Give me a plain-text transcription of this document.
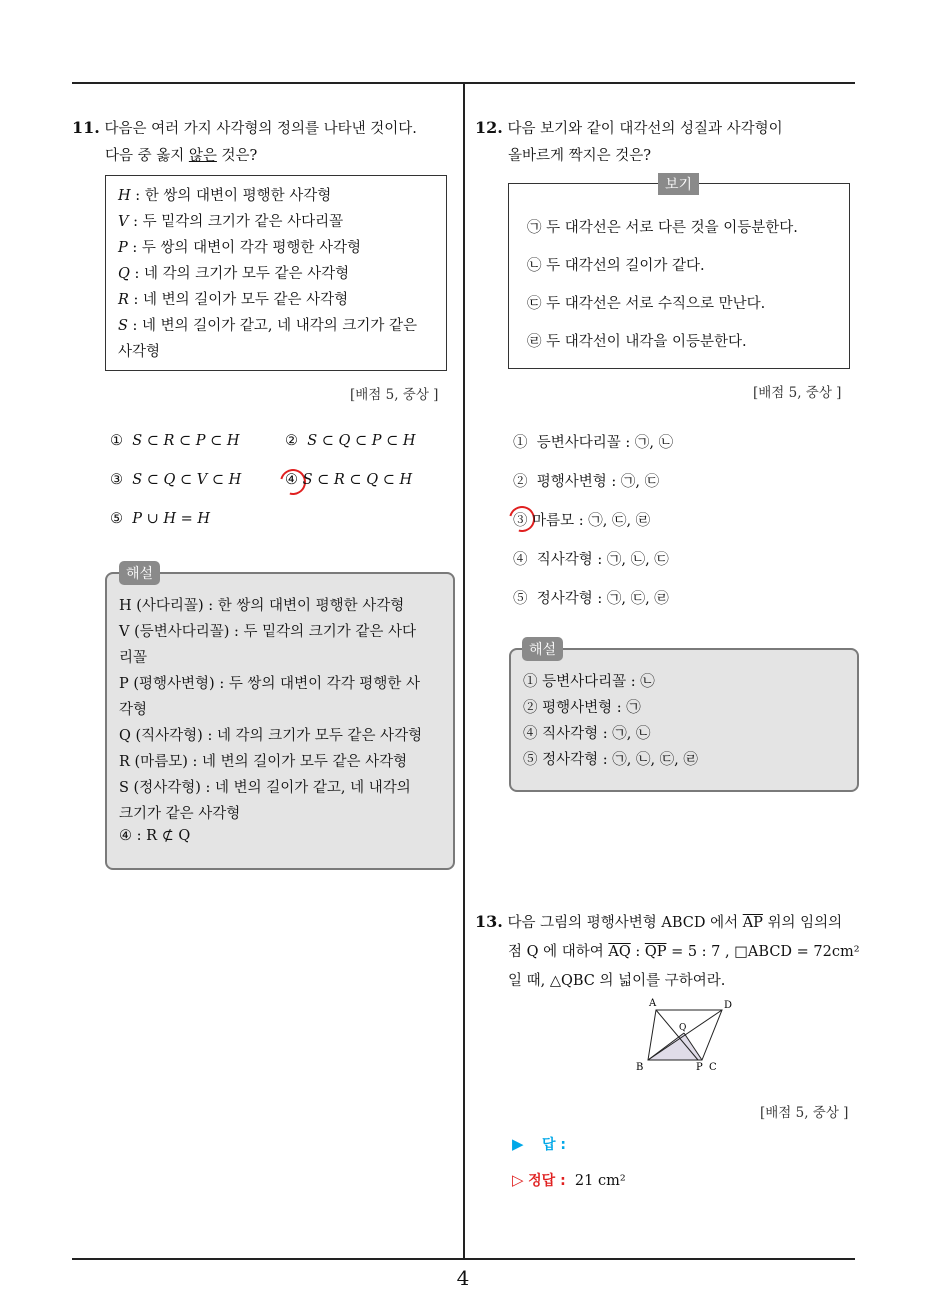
4
11. 다음은 여러 가지 사각형의 정의를 나타낸 것이다.
다음 중 옳지 않은 것은?
H : 한 쌍의 대변이 평행한 사각형
V : 두 밑각의 크기가 같은 사다리꼴
P : 두 쌍의 대변이 각각 평행한 사각형
Q : 네 각의 크기가 모두 같은 사각형
R : 네 변의 길이가 모두 같은 사각형
S : 네 변의 길이가 같고, 네 내각의 크기가 같은
사각형
[배점 5, 중상 ]
① S ⊂ R ⊂ P ⊂ H	② S ⊂ Q ⊂ P ⊂ H
③ S ⊂ Q ⊂ V ⊂ H	④ S ⊂ R ⊂ Q ⊂ H
⑤ P ∪ H = H
H (사다리꼴) : 한 쌍의 대변이 평행한 사각형
V (등변사다리꼴) : 두 밑각의 크기가 같은 사다
리꼴
P (평행사변형) : 두 쌍의 대변이 각각 평행한 사
각형
Q (직사각형) : 네 각의 크기가 모두 같은 사각형
R (마름모) : 네 변의 길이가 모두 같은 사각형
S (정사각형) : 네 변의 길이가 같고, 네 내각의
크기가 같은 사각형
④ : R ⊄ Q
해설
12. 다음 보기와 같이 대각선의 성질과 사각형이
올바르게 짝지은 것은?
㉠ 두 대각선은 서로 다른 것을 이등분한다.
㉡ 두 대각선의 길이가 같다.
㉢ 두 대각선은 서로 수직으로 만난다.
㉣ 두 대각선이 내각을 이등분한다.
보기
[배점 5, 중상 ]
① 등변사다리꼴 : ㉠, ㉡
② 평행사변형 : ㉠, ㉢
③ 마름모 : ㉠, ㉢, ㉣
④ 직사각형 : ㉠, ㉡, ㉢
⑤ 정사각형 : ㉠, ㉢, ㉣
① 등변사다리꼴 : ㉡
② 평행사변형 : ㉠
④ 직사각형 : ㉠, ㉡
⑤ 정사각형 : ㉠, ㉡, ㉢, ㉣
해설
13. 다음 그림의 평행사변형 ABCD 에서 $\overline{AP}$ 위의 임의의
점 Q 에 대하여 $\overline{AQ}$ : $\overline{QP} = 5$ : 7 , □ABCD = 72cm²
일 때, △QBC 의 넓이를 구하여라.
A	D
Q
B	P C
[배점 5, 중상 ]
▶ 답 :
▷ 정답 : 21 cm²
